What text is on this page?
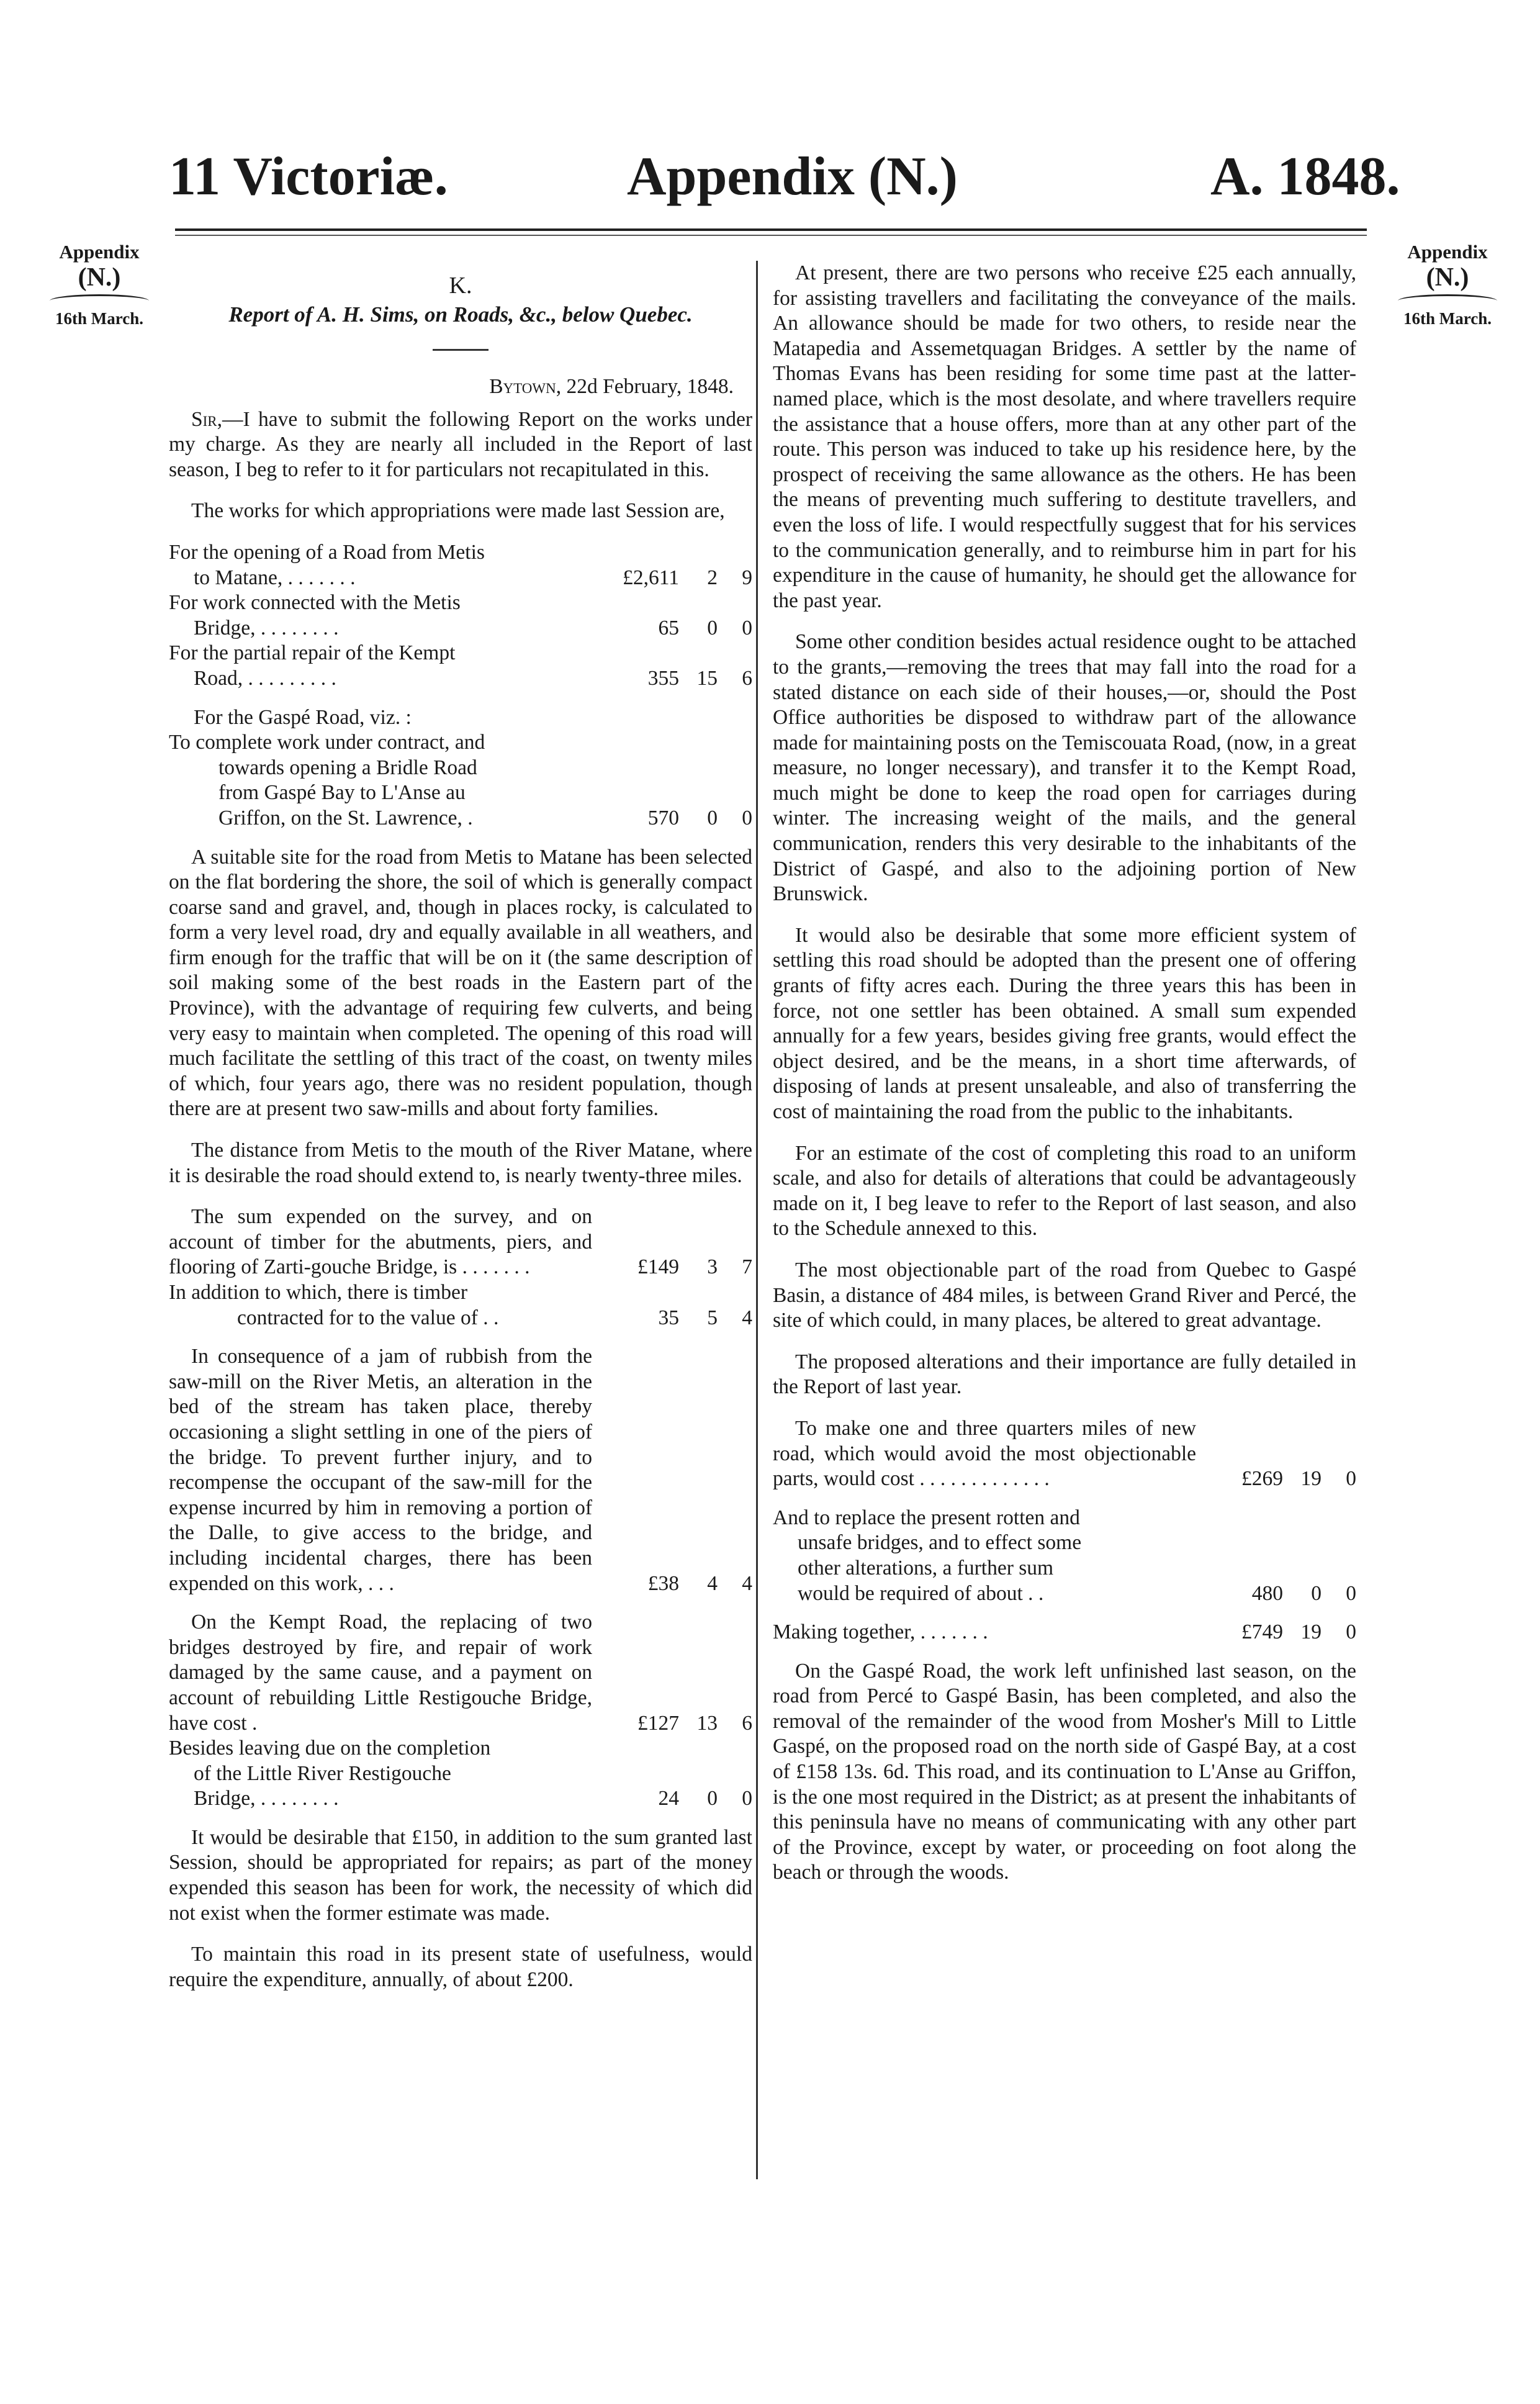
11 Victoriæ.	Appendix (N.)	A. 1848.
Appendix
(N.)
16th March.
Appendix
(N.)
16th March.
K.
Report of A. H. Sims, on Roads, &c., below Quebec.
Bytown, 22d February, 1848.

Sir,—I have to submit the following Report on the works under my charge. As they are nearly all included in the Report of last season, I beg to refer to it for particulars not recapitulated in this.

The works for which appropriations were made last Session are,

For the opening of a Road from Metis
to Matane, . . . . . . .	£2,611	2	9

For work connected with the Metis
Bridge, . . . . . . . .	65	0	0

For the partial repair of the Kempt
Road, . . . . . . . . .	355	15	6
For the Gaspé Road, viz. :
To complete work under contract, and
towards opening a Bridle Road
from Gaspé Bay to L'Anse au
Griffon, on the St. Lawrence, .	570	0	0

A suitable site for the road from Metis to Matane has been selected on the flat bordering the shore, the soil of which is generally compact coarse sand and gravel, and, though in places rocky, is calculated to form a very level road, dry and equally available in all weathers, and firm enough for the traffic that will be on it (the same description of soil making some of the best roads in the Eastern part of the Province), with the advantage of requiring few culverts, and being very easy to maintain when completed. The opening of this road will much facilitate the settling of this tract of the coast, on twenty miles of which, four years ago, there was no resident population, though there are at present two saw-mills and about forty families.

The distance from Metis to the mouth of the River Matane, where it is desirable the road should extend to, is nearly twenty-three miles.

The sum expended on the survey, and on account of timber for the abutments, piers, and flooring of Zarti-gouche Bridge, is . . . . . . .	£149	3	7

In addition to which, there is timber
contracted for to the value of . .	35	5	4
In consequence of a jam of rubbish from the saw-mill on the River Metis, an alteration in the bed of the stream has taken place, thereby occasioning a slight settling in one of the piers of the bridge. To prevent further injury, and to recompense the occupant of the saw-mill for the expense incurred by him in removing a portion of the Dalle, to give access to the bridge, and including incidental charges, there has been expended on this work, . . .	£38	4	4
On the Kempt Road, the replacing of two bridges destroyed by fire, and repair of work damaged by the same cause, and a payment on account of rebuilding Little Restigouche Bridge, have cost .	£127	13	6

Besides leaving due on the completion
of the Little River Restigouche
Bridge, . . . . . . . .	24	0	0

It would be desirable that £150, in addition to the sum granted last Session, should be appropriated for repairs; as part of the money expended this season has been for work, the necessity of which did not exist when the former estimate was made.

To maintain this road in its present state of usefulness, would require the expenditure, annually, of about £200.

At present, there are two persons who receive £25 each annually, for assisting travellers and facilitating the conveyance of the mails. An allowance should be made for two others, to reside near the Matapedia and Assemetquagan Bridges. A settler by the name of Thomas Evans has been residing for some time past at the latter-named place, which is the most desolate, and where travellers require the assistance that a house offers, more than at any other part of the route. This person was induced to take up his residence here, by the prospect of receiving the same allowance as the others. He has been the means of preventing much suffering to destitute travellers, and even the loss of life. I would respectfully suggest that for his services to the communication generally, and to reimburse him in part for his expenditure in the cause of humanity, he should get the allowance for the past year.

Some other condition besides actual residence ought to be attached to the grants,—removing the trees that may fall into the road for a stated distance on each side of their houses,—or, should the Post Office authorities be disposed to withdraw part of the allowance made for maintaining posts on the Temiscouata Road, (now, in a great measure, no longer necessary), and transfer it to the Kempt Road, much might be done to keep the road open for carriages during winter. The increasing weight of the mails, and the general communication, renders this very desirable to the inhabitants of the District of Gaspé, and also to the adjoining portion of New Brunswick.

It would also be desirable that some more efficient system of settling this road should be adopted than the present one of offering grants of fifty acres each. During the three years this has been in force, not one settler has been obtained. A small sum expended annually for a few years, besides giving free grants, would effect the object desired, and be the means, in a short time afterwards, of disposing of lands at present unsaleable, and also of transferring the cost of maintaining the road from the public to the inhabitants.

For an estimate of the cost of completing this road to an uniform scale, and also for details of alterations that could be advantageously made on it, I beg leave to refer to the Report of last season, and also to the Schedule annexed to this.

The most objectionable part of the road from Quebec to Gaspé Basin, a distance of 484 miles, is between Grand River and Percé, the site of which could, in many places, be altered to great advantage.

The proposed alterations and their importance are fully detailed in the Report of last year.

To make one and three quarters miles of new road, which would avoid the most objectionable parts, would cost . . . . . . . . . . . . .	£269	19	0
And to replace the present rotten and
unsafe bridges, and to effect some
other alterations, a further sum
would be required of about . .	480	0	0
Making together, . . . . . . .	£749	19	0

On the Gaspé Road, the work left unfinished last season, on the road from Percé to Gaspé Basin, has been completed, and also the removal of the remainder of the wood from Mosher's Mill to Little Gaspé, on the proposed road on the north side of Gaspé Bay, at a cost of £158 13s. 6d. This road, and its continuation to L'Anse au Griffon, is the one most required in the District; as at present the inhabitants of this peninsula have no means of communicating with any other part of the Province, except by water, or proceeding on foot along the beach or through the woods.
